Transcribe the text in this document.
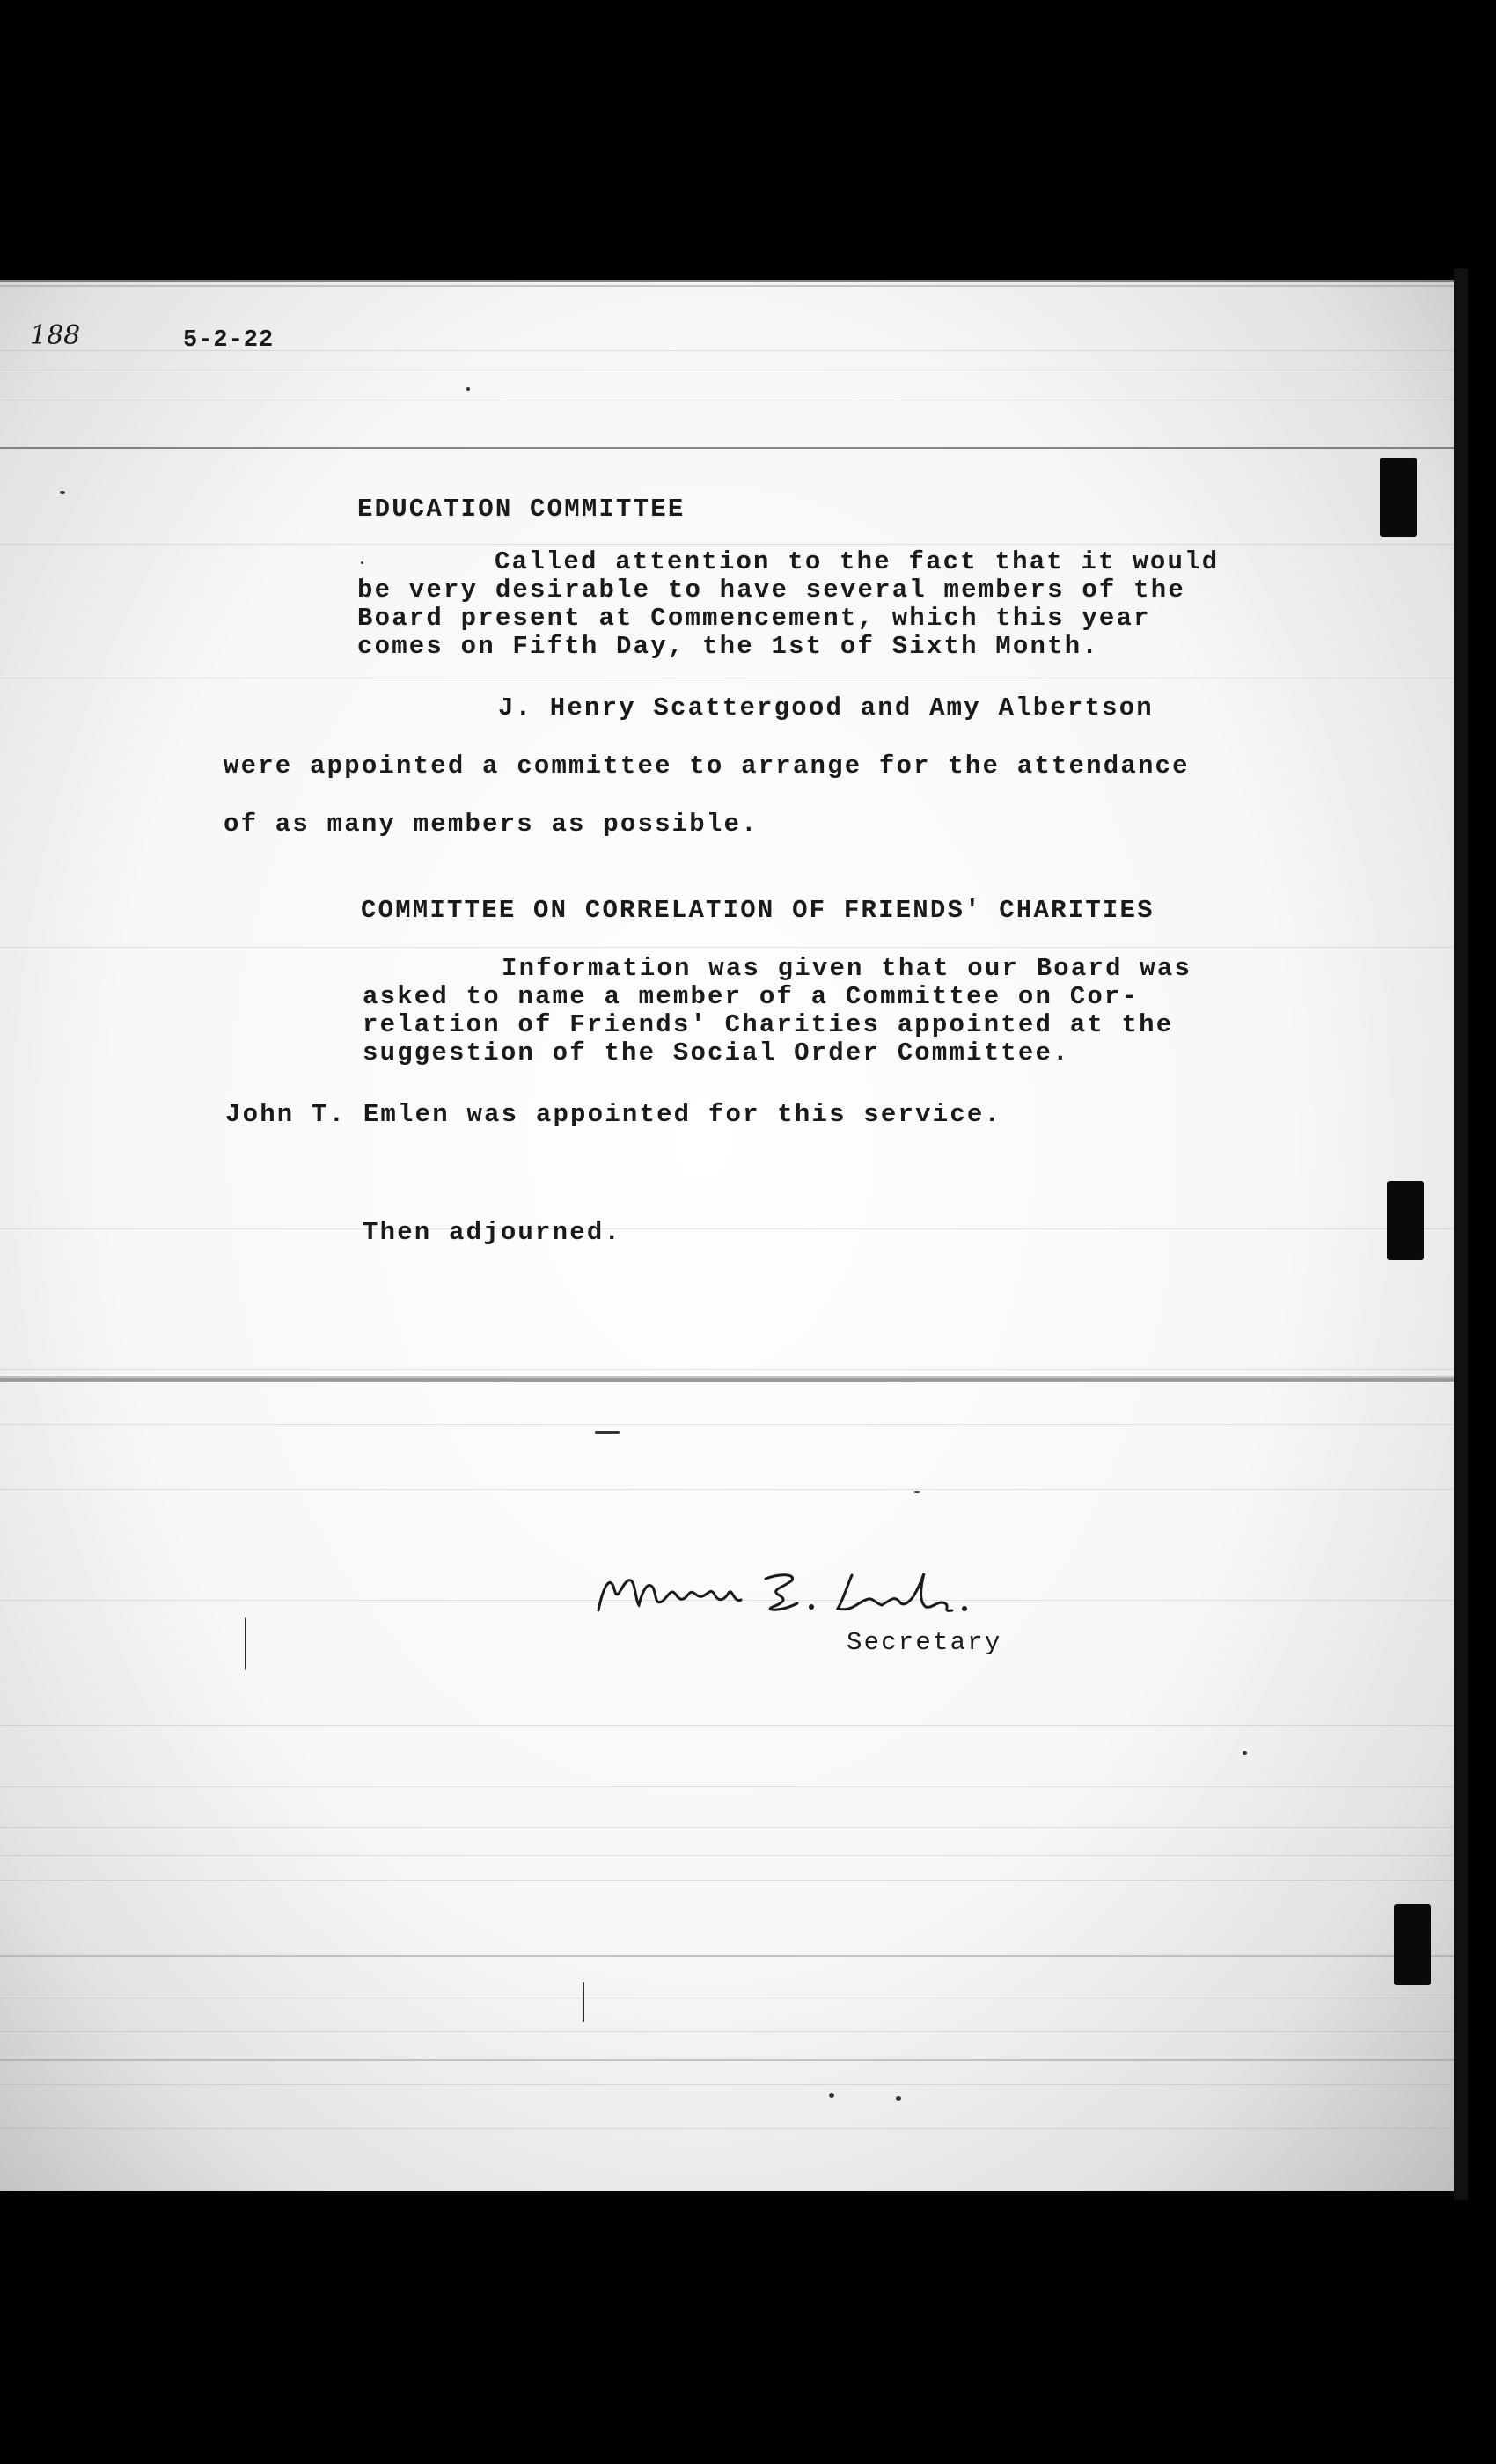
188	5-2-22
EDUCATION COMMITTEE
Called attention to the fact that it would
be very desirable to have several members of the
Board present at Commencement, which this year
comes on Fifth Day, the 1st of Sixth Month.
J. Henry Scattergood and Amy Albertson
were appointed a committee to arrange for the attendance
of as many members as possible.
COMMITTEE ON CORRELATION OF FRIENDS' CHARITIES
Information was given that our Board was
asked to name a member of a Committee on Cor-
relation of Friends' Charities appointed at the
suggestion of the Social Order Committee.
John T. Emlen was appointed for this service.
Then adjourned.
Morris E. Leeds.
Secretary
